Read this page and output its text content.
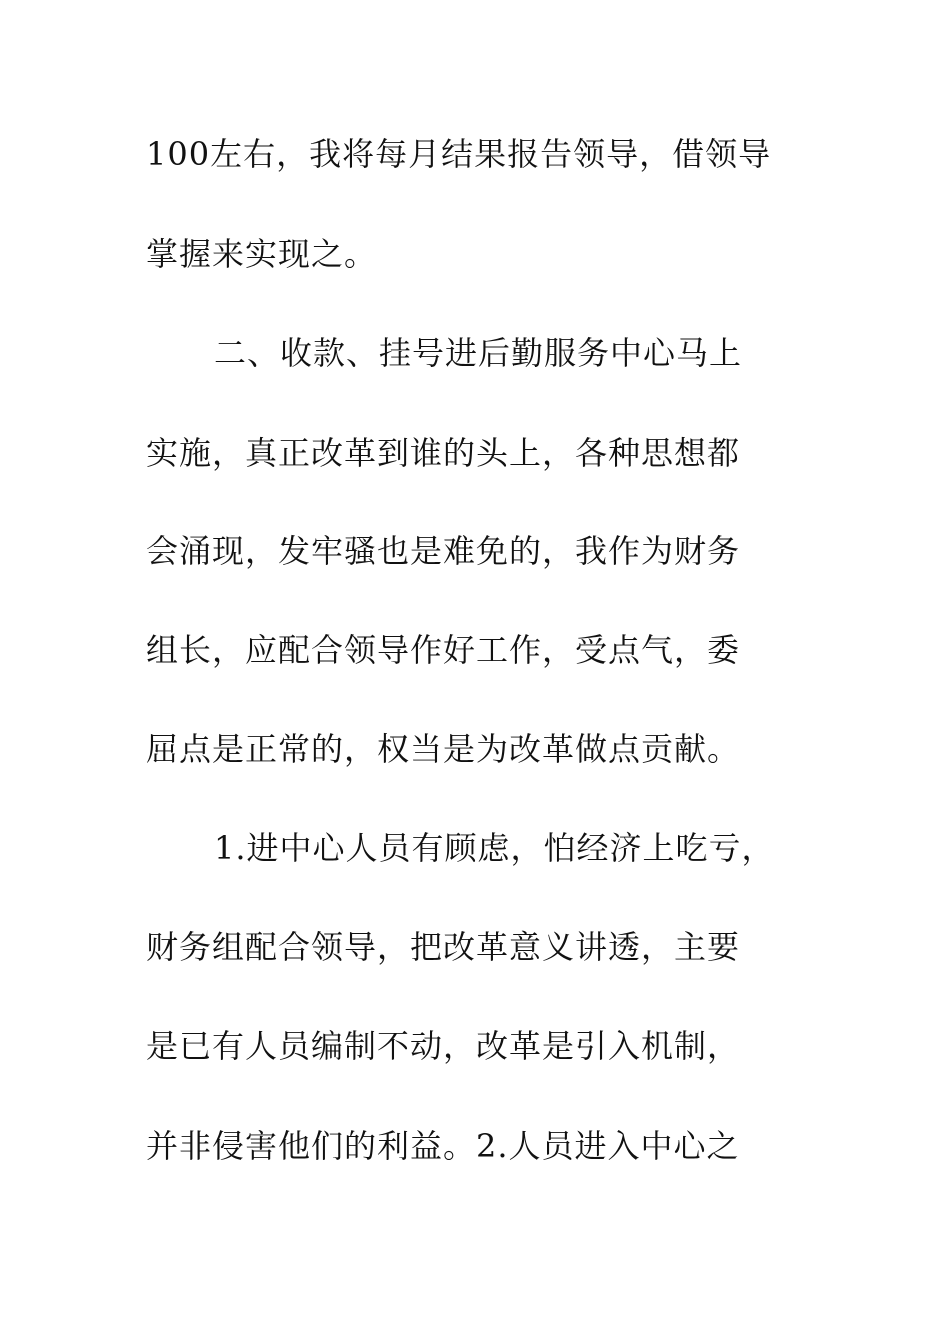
100左右，我将每月结果报告领导，借领导
掌握来实现之。
二、收款、挂号进后勤服务中心马上
实施，真正改革到谁的头上，各种思想都
会涌现，发牢骚也是难免的，我作为财务
组长，应配合领导作好工作，受点气，委
屈点是正常的，权当是为改革做点贡献。
1.进中心人员有顾虑，怕经济上吃亏，
财务组配合领导，把改革意义讲透，主要
是已有人员编制不动，改革是引入机制，
并非侵害他们的利益。2.人员进入中心之
